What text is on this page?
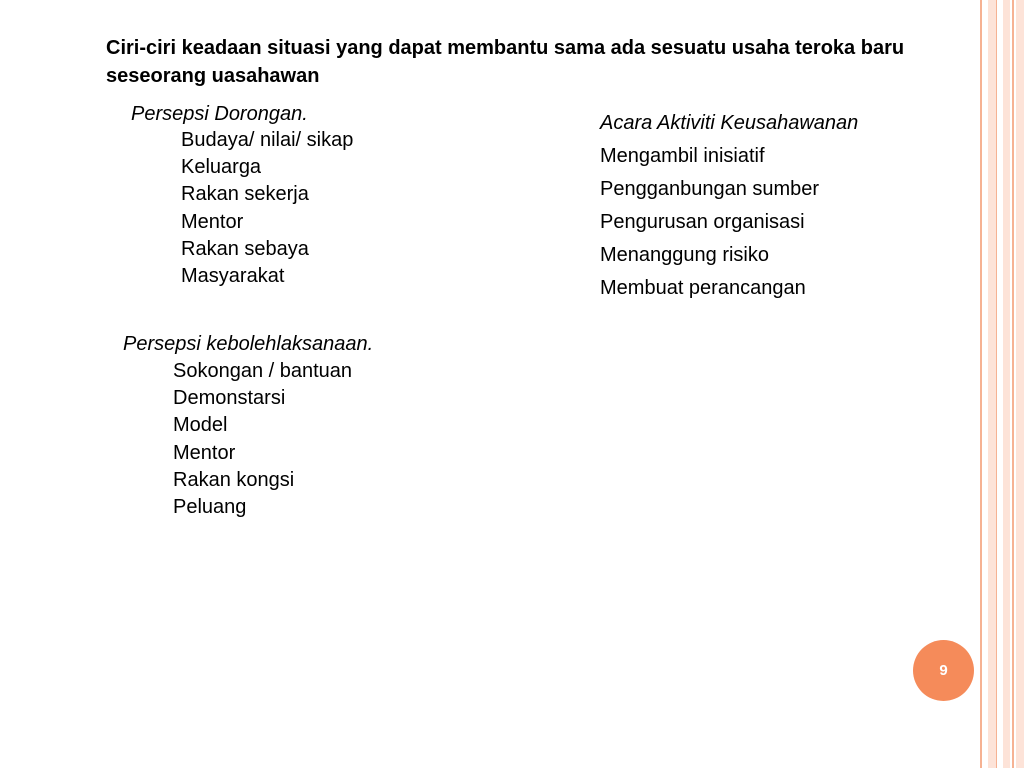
Ciri-ciri keadaan situasi yang dapat membantu sama ada sesuatu usaha teroka baru seseorang uasahawan
Persepsi Dorongan.
Budaya/ nilai/ sikap
Keluarga
Rakan sekerja
Mentor
Rakan sebaya
Masyarakat
Persepsi kebolehlaksanaan.
Sokongan / bantuan
Demonstarsi
Model
Mentor
Rakan kongsi
Peluang
Acara Aktiviti Keusahawanan
Mengambil inisiatif
Pengganbungan sumber
Pengurusan organisasi
Menanggung risiko
Membuat perancangan
9
